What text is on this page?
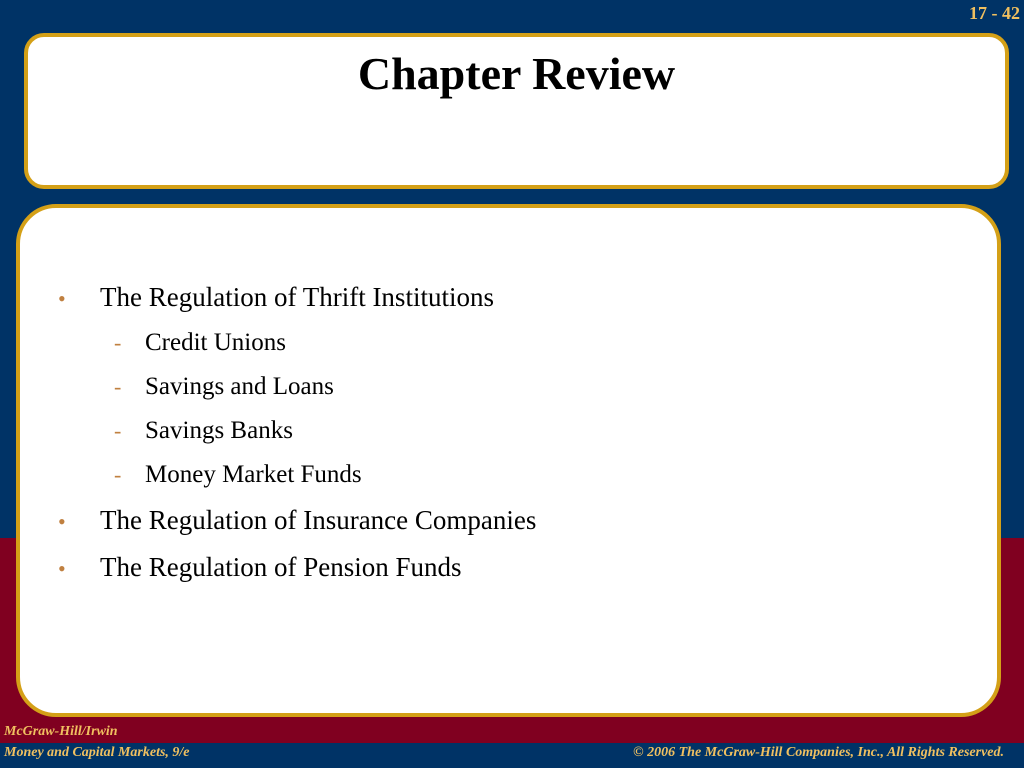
17 - 42
Chapter Review
•	The Regulation of Thrift Institutions
- Credit Unions
- Savings and Loans
- Savings Banks
- Money Market Funds
•	The Regulation of Insurance Companies
•	The Regulation of Pension Funds
McGraw-Hill/Irwin
Money and Capital Markets, 9/e	© 2006 The McGraw-Hill Companies, Inc., All Rights Reserved.
